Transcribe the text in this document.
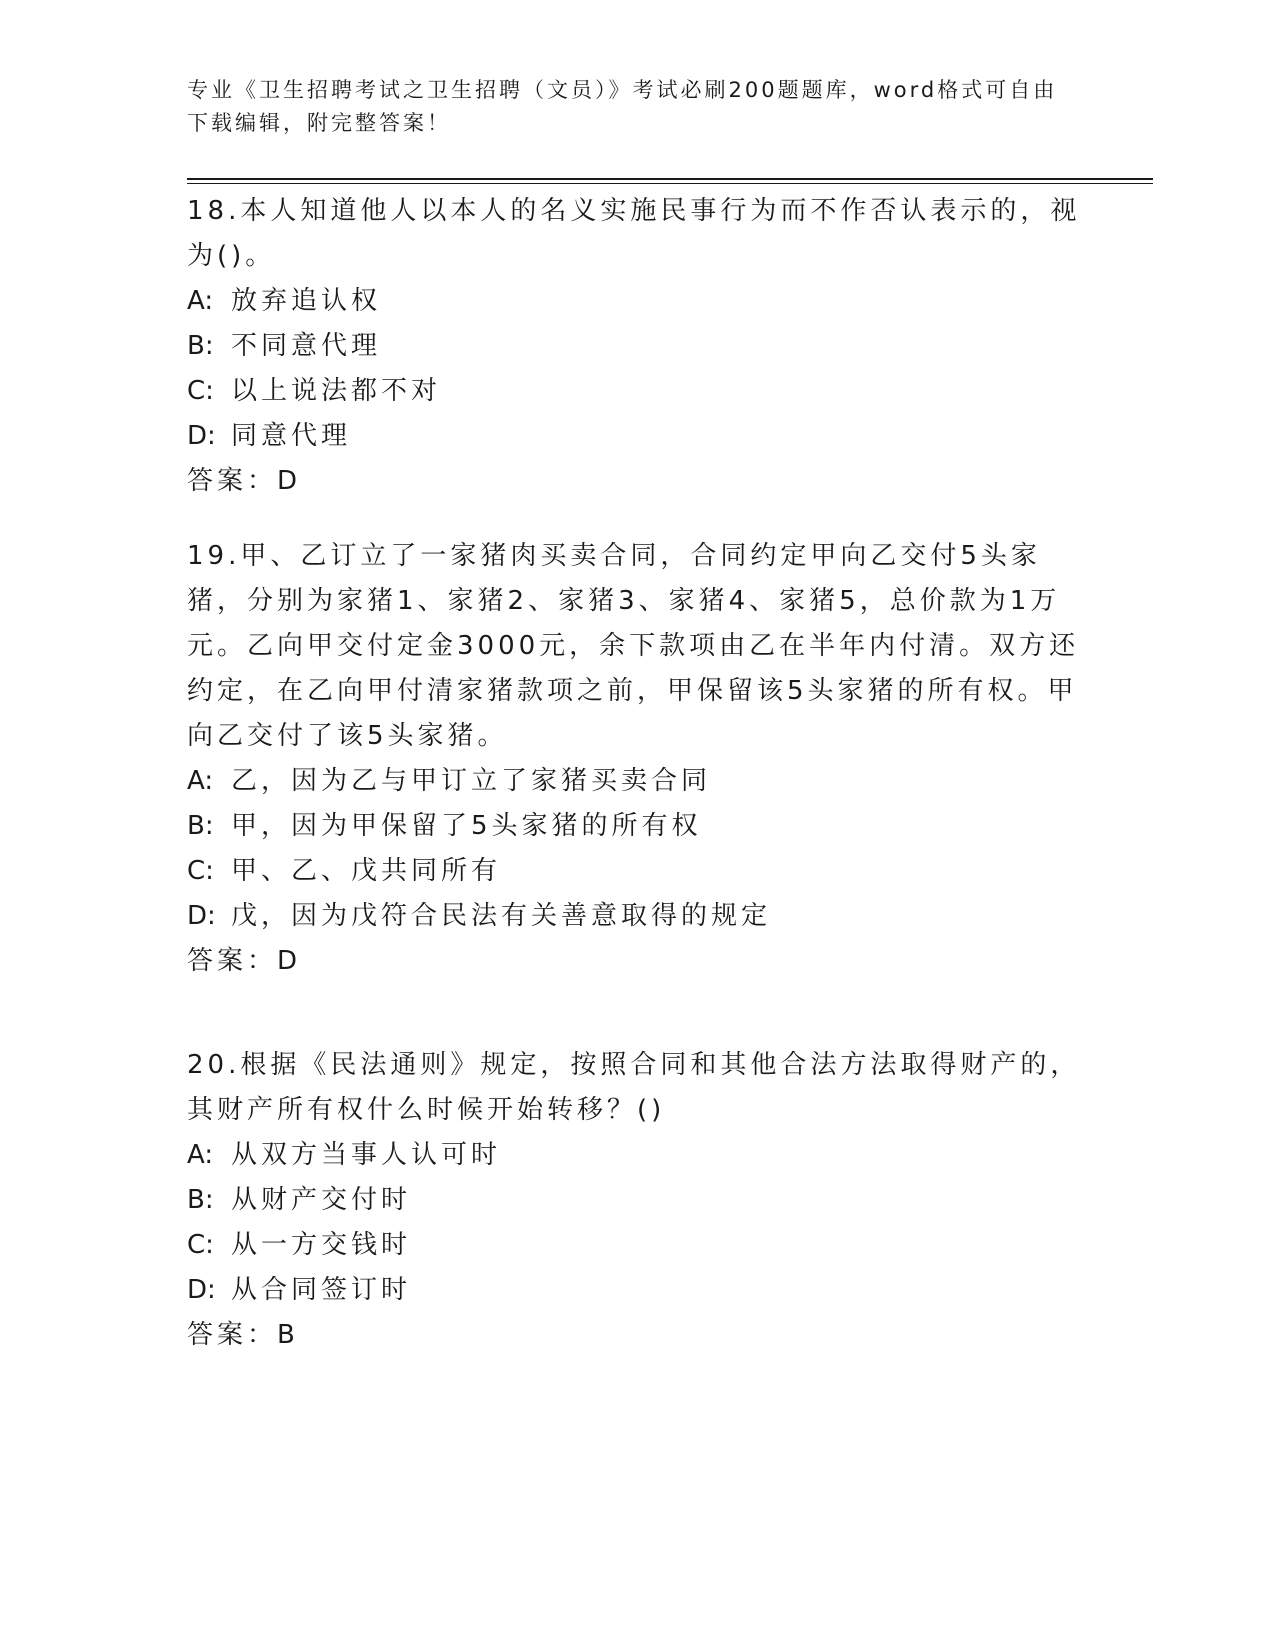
专业《卫生招聘考试之卫生招聘（文员）》考试必刷200题题库，word格式可自由下载编辑，附完整答案！

18.本人知道他人以本人的名义实施民事行为而不作否认表示的，视为()。

A: 放弃追认权

B: 不同意代理

C: 以上说法都不对

D: 同意代理

答案：D

19.甲、乙订立了一家猪肉买卖合同，合同约定甲向乙交付5头家猪，分别为家猪1、家猪2、家猪3、家猪4、家猪5，总价款为1万元。乙向甲交付定金3000元，余下款项由乙在半年内付清。双方还约定，在乙向甲付清家猪款项之前，甲保留该5头家猪的所有权。甲向乙交付了该5头家猪。

A: 乙，因为乙与甲订立了家猪买卖合同

B: 甲，因为甲保留了5头家猪的所有权

C: 甲、乙、戊共同所有

D: 戊，因为戊符合民法有关善意取得的规定

答案：D

20.根据《民法通则》规定，按照合同和其他合法方法取得财产的，其财产所有权什么时候开始转移？()

A: 从双方当事人认可时

B: 从财产交付时

C: 从一方交钱时

D: 从合同签订时

答案：B
